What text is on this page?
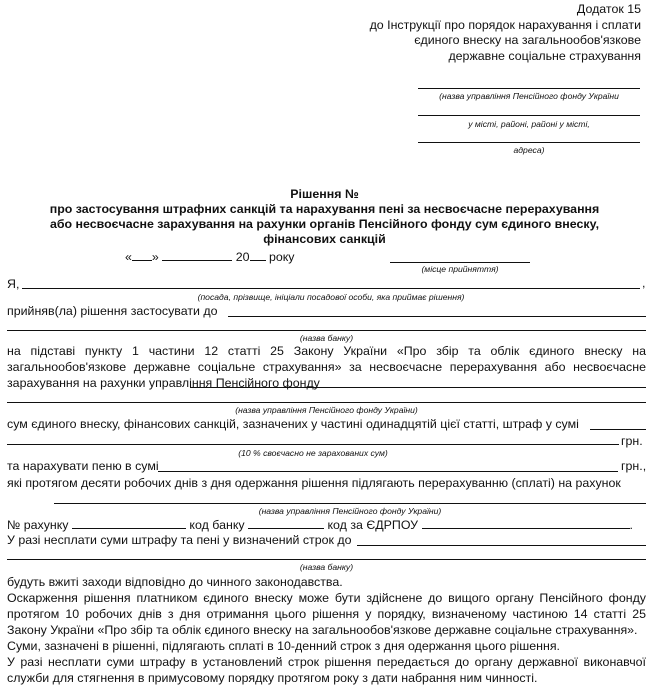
Додаток 15
до Інструкції про порядок нарахування і сплати
єдиного внеску на загальнообов'язкове
державне соціальне страхування
(назва управління Пенсійного фонду України
у місті, районі, районі у місті,
адреса)
Рішення №
про застосування штрафних санкцій та нарахування пені за несвоєчасне перерахування
або несвоєчасне зарахування на рахунки органів Пенсійного фонду сум єдиного внеску,
фінансових санкцій
« »	20 року
(місце прийняття)
Я,	,
(посада, прізвище, ініціали посадової особи, яка приймає рішення)
прийняв(ла) рішення застосувати до
(назва банку)
на підставі пункту 1 частини 12 статті 25 Закону України «Про збір та облік єдиного внеску на загальнообов'язкове державне соціальне страхування» за несвоєчасне перерахування або несвоєчасне зарахування на рахунки управління Пенсійного фонду
(назва управління Пенсійного фонду України)
сум єдиного внеску, фінансових санкцій, зазначених у частині одинадцятій цієї статті, штраф у сумі
грн.
(10 % своєчасно не зарахованих сум)
та нарахувати пеню в сумі	грн.,
які протягом десяти робочих днів з дня одержання рішення підлягають перерахуванню (сплаті) на рахунок
(назва управління Пенсійного фонду України)
№ рахунку	код банку	код за ЄДРПОУ	.
У разі несплати суми штрафу та пені у визначений строк до
(назва банку)
будуть вжиті заходи відповідно до чинного законодавства.
Оскарження рішення платником єдиного внеску може бути здійснене до вищого органу Пенсійного фонду протягом 10 робочих днів з дня отримання цього рішення у порядку, визначеному частиною 14 статті 25 Закону України «Про збір та облік єдиного внеску на загальнообов'язкове державне соціальне страхування».
Суми, зазначені в рішенні, підлягають сплаті в 10-денний строк з дня одержання цього рішення.
У разі несплати суми штрафу в установлений строк рішення передається до органу державної виконавчої служби для стягнення в примусовому порядку протягом року з дати набрання ним чинності.
